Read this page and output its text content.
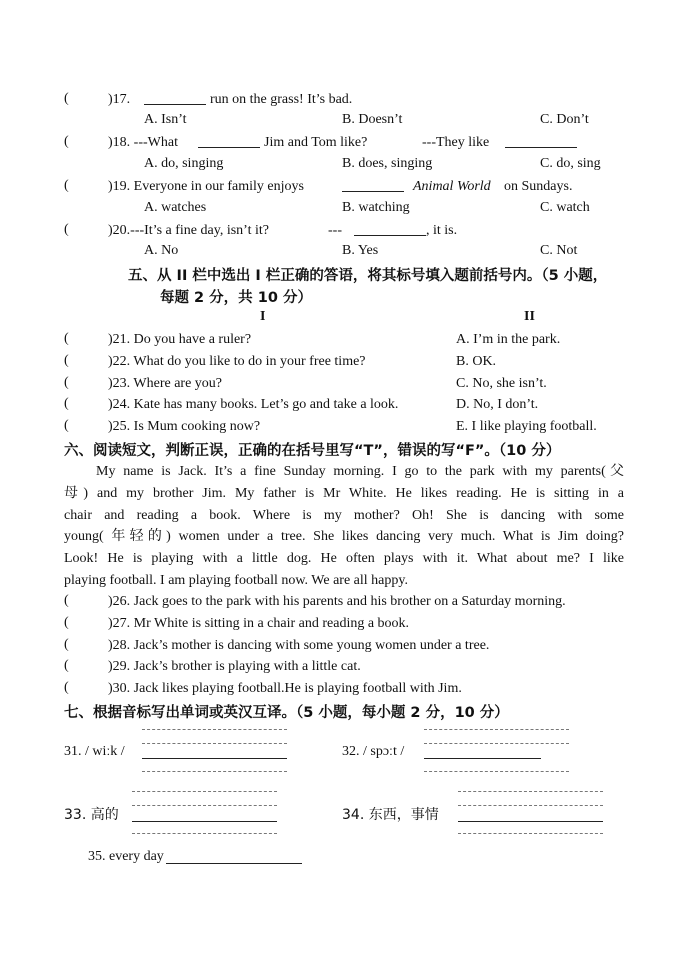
(	)17.	run on the grass! It’s bad.
A. Isn’t	B. Doesn’t	C. Don’t
(	)18. ---What	Jim and Tom like?	---They like
A. do, singing	B. does, singing	C. do, sing
(	)19. Everyone in our family enjoys	Animal World on Sundays.
A. watches	B. watching	C. watch
(	)20.---It’s a fine day, isn’t it?	---	, it is.
A. No	B. Yes	C. Not
五、从 II 栏中选出 I 栏正确的答语，将其标号填入题前括号内。（5 小题，
每题 2 分，共 10 分）
I	II
(	)21. Do you have a ruler?	A. I’m in the park.
(	)22. What do you like to do in your free time?	B. OK.
(	)23. Where are you?	C. No, she isn’t.
(	)24. Kate has many books. Let’s go and take a look.	D. No, I don’t.
(	)25. Is Mum cooking now?	E. I like playing football.
六、阅读短文，判断正误，正确的在括号里写“T”，错误的写“F”。（10 分）

My name is Jack. It’s a fine Sunday morning. I go to the park with my parents(父

母) and my brother Jim. My father is Mr White. He likes reading. He is sitting in a

chair and reading a book. Where is my mother? Oh! She is dancing with some

young( 年轻的) women under a tree. She likes dancing very much. What is Jim doing?

Look! He is playing with a little dog. He often plays with it. What about me? I like

playing football. I am playing football now. We are all happy.

(	)26. Jack goes to the park with his parents and his brother on a Saturday morning.
(	)27. Mr White is sitting in a chair and reading a book.
(	)28. Jack’s mother is dancing with some young women under a tree.
(	)29. Jack’s brother is playing with a little cat.
(	)30. Jack likes playing football.He is playing football with Jim.
七、根据音标写出单词或英汉互译。（5 小题，每小题 2 分，10 分）
31. / wiːk /	32. / spɔːt /
33. 高的	34. 东西，事情
35. every day
